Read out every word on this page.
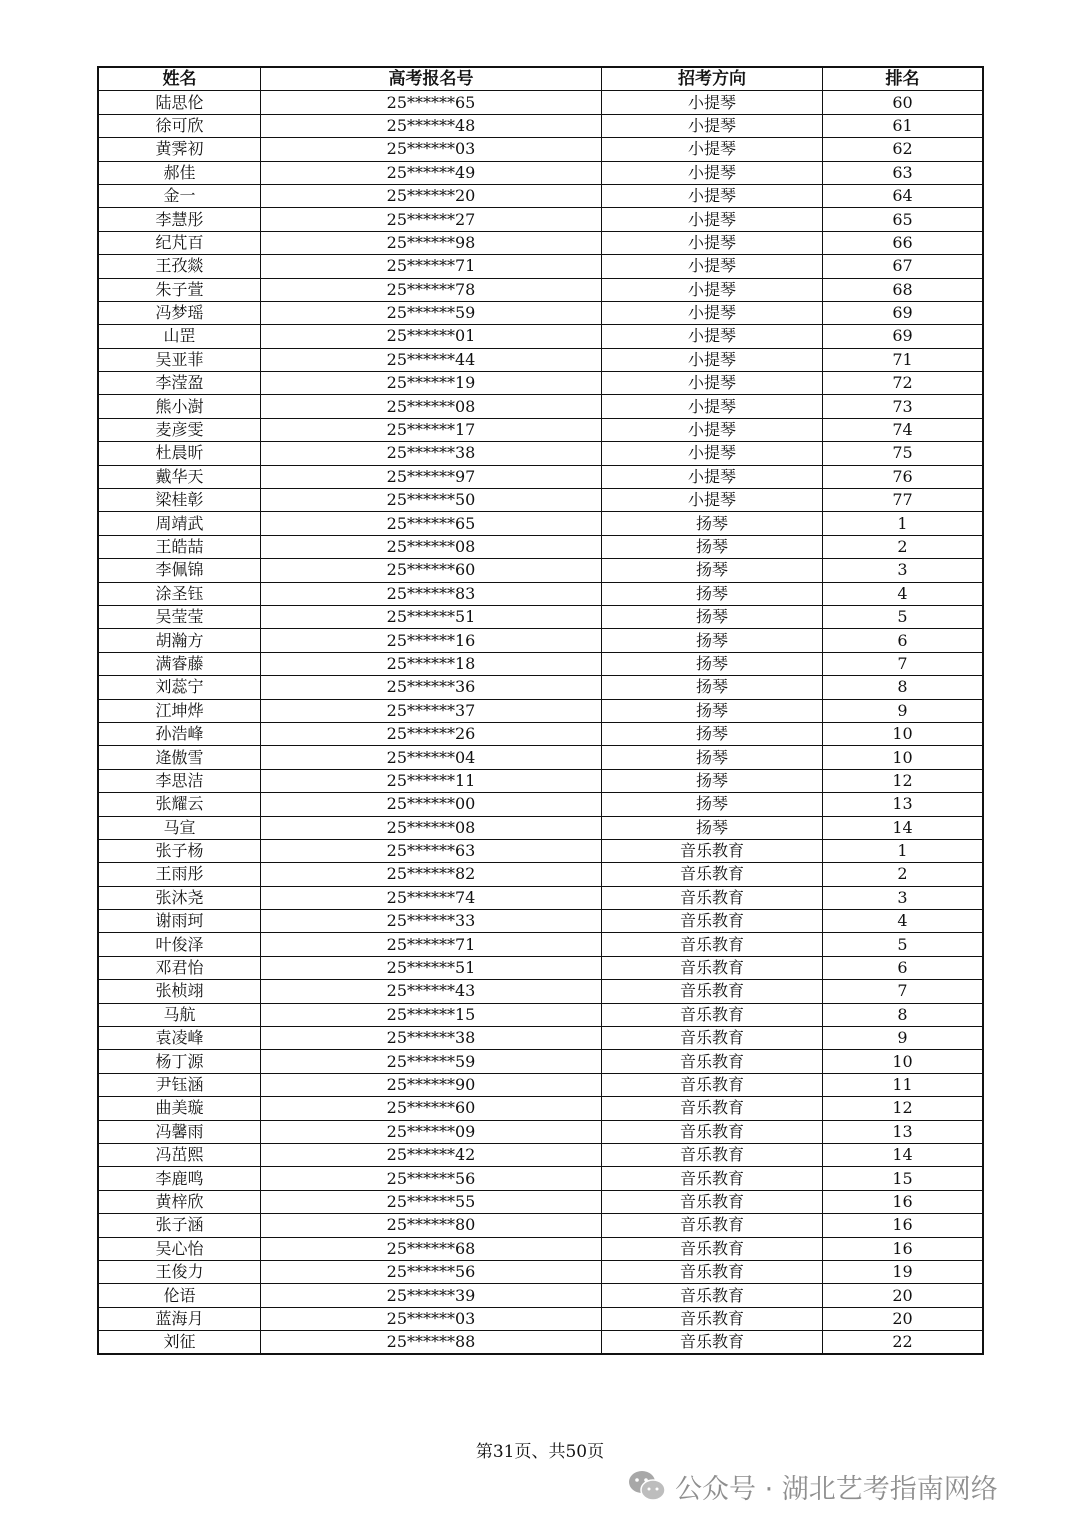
姓名	高考报名号	招考方向	排名
陆思伦	25******65	小提琴	60
徐可欣	25******48	小提琴	61
黄霁初	25******03	小提琴	62
郝佳	25******49	小提琴	63
金一	25******20	小提琴	64
李慧彤	25******27	小提琴	65
纪芃百	25******98	小提琴	66
王孜燚	25******71	小提琴	67
朱子萱	25******78	小提琴	68
冯梦瑶	25******59	小提琴	69
山罡	25******01	小提琴	69
吴亚菲	25******44	小提琴	71
李滢盈	25******19	小提琴	72
熊小澍	25******08	小提琴	73
麦彦雯	25******17	小提琴	74
杜晨昕	25******38	小提琴	75
戴华天	25******97	小提琴	76
梁桂彰	25******50	小提琴	77
周靖武	25******65	扬琴	1
王皓喆	25******08	扬琴	2
李佩锦	25******60	扬琴	3
涂圣钰	25******83	扬琴	4
吴莹莹	25******51	扬琴	5
胡瀚方	25******16	扬琴	6
满睿藤	25******18	扬琴	7
刘蕊宁	25******36	扬琴	8
江坤烨	25******37	扬琴	9
孙浩峰	25******26	扬琴	10
逄傲雪	25******04	扬琴	10
李思洁	25******11	扬琴	12
张耀云	25******00	扬琴	13
马宣	25******08	扬琴	14
张子杨	25******63	音乐教育	1
王雨彤	25******82	音乐教育	2
张沐尧	25******74	音乐教育	3
谢雨珂	25******33	音乐教育	4
叶俊泽	25******71	音乐教育	5
邓君怡	25******51	音乐教育	6
张桢翊	25******43	音乐教育	7
马航	25******15	音乐教育	8
袁凌峰	25******38	音乐教育	9
杨丁源	25******59	音乐教育	10
尹钰涵	25******90	音乐教育	11
曲美璇	25******60	音乐教育	12
冯馨雨	25******09	音乐教育	13
冯茁熙	25******42	音乐教育	14
李鹿鸣	25******56	音乐教育	15
黄梓欣	25******55	音乐教育	16
张子涵	25******80	音乐教育	16
吴心怡	25******68	音乐教育	16
王俊力	25******56	音乐教育	19
伦语	25******39	音乐教育	20
蓝海月	25******03	音乐教育	20
刘征	25******88	音乐教育	22
第31页、共50页
公众号 · 湖北艺考指南网络
